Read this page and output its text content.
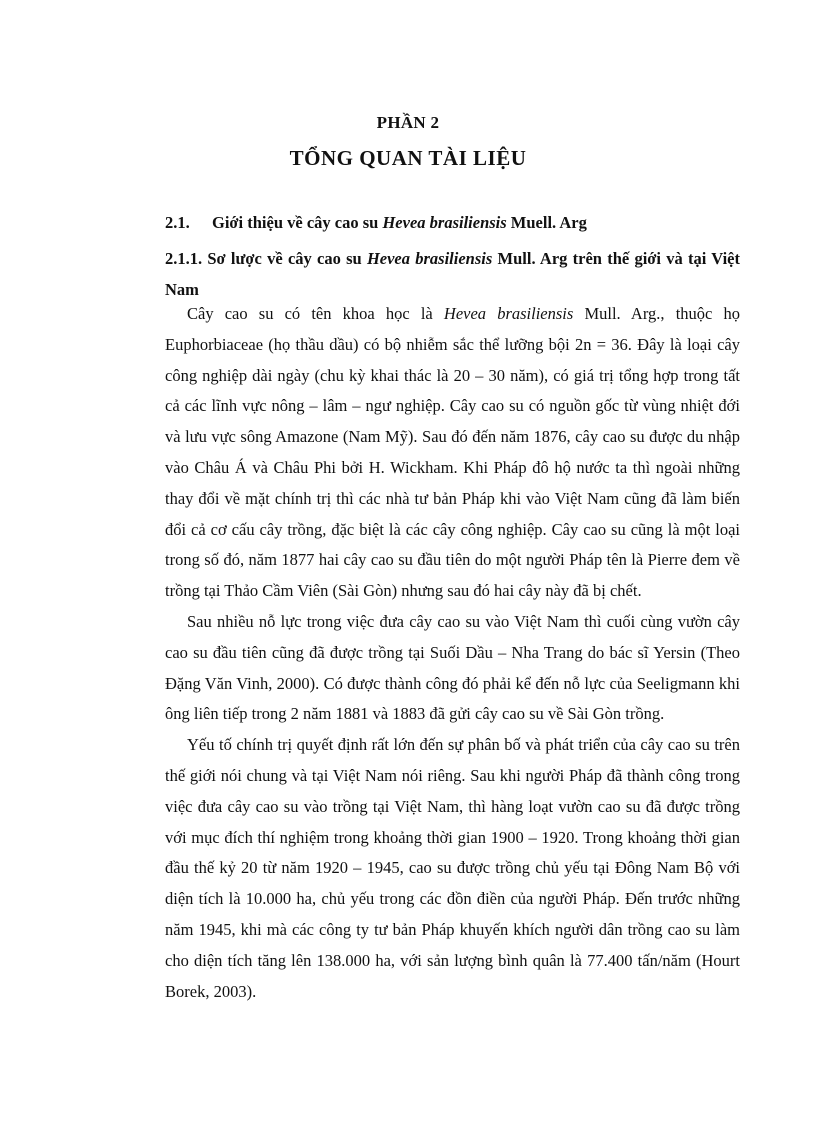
PHẦN 2
TỔNG QUAN TÀI LIỆU
2.1. Giới thiệu về cây cao su Hevea brasiliensis Muell. Arg
2.1.1. Sơ lược về cây cao su Hevea brasiliensis Mull. Arg trên thế giới và tại Việt Nam

Cây cao su có tên khoa học là Hevea brasiliensis Mull. Arg., thuộc họ Euphorbiaceae (họ thầu dầu) có bộ nhiễm sắc thể lưỡng bội 2n = 36. Đây là loại cây công nghiệp dài ngày (chu kỳ khai thác là 20 – 30 năm), có giá trị tổng hợp trong tất cả các lĩnh vực nông – lâm – ngư nghiệp. Cây cao su có nguồn gốc từ vùng nhiệt đới và lưu vực sông Amazone (Nam Mỹ). Sau đó đến năm 1876, cây cao su được du nhập vào Châu Á và Châu Phi bởi H. Wickham. Khi Pháp đô hộ nước ta thì ngoài những thay đổi về mặt chính trị thì các nhà tư bản Pháp khi vào Việt Nam cũng đã làm biến đổi cả cơ cấu cây trồng, đặc biệt là các cây công nghiệp. Cây cao su cũng là một loại trong số đó, năm 1877 hai cây cao su đầu tiên do một người Pháp tên là Pierre đem về trồng tại Thảo Cầm Viên (Sài Gòn) nhưng sau đó hai cây này đã bị chết.

Sau nhiều nỗ lực trong việc đưa cây cao su vào Việt Nam thì cuối cùng vườn cây cao su đầu tiên cũng đã được trồng tại Suối Dầu – Nha Trang do bác sĩ Yersin (Theo Đặng Văn Vinh, 2000). Có được thành công đó phải kể đến nỗ lực của Seeligmann khi ông liên tiếp trong 2 năm 1881 và 1883 đã gửi cây cao su về Sài Gòn trồng.

Yếu tố chính trị quyết định rất lớn đến sự phân bố và phát triển của cây cao su trên thế giới nói chung và tại Việt Nam nói riêng. Sau khi người Pháp đã thành công trong việc đưa cây cao su vào trồng tại Việt Nam, thì hàng loạt vườn cao su đã được trồng với mục đích thí nghiệm trong khoảng thời gian 1900 – 1920. Trong khoảng thời gian đầu thế kỷ 20 từ năm 1920 – 1945, cao su được trồng chủ yếu tại Đông Nam Bộ với diện tích là 10.000 ha, chủ yếu trong các đồn điền của người Pháp. Đến trước những năm 1945, khi mà các công ty tư bản Pháp khuyến khích người dân trồng cao su làm cho diện tích tăng lên 138.000 ha, với sản lượng bình quân là 77.400 tấn/năm (Hourt Borek, 2003).
